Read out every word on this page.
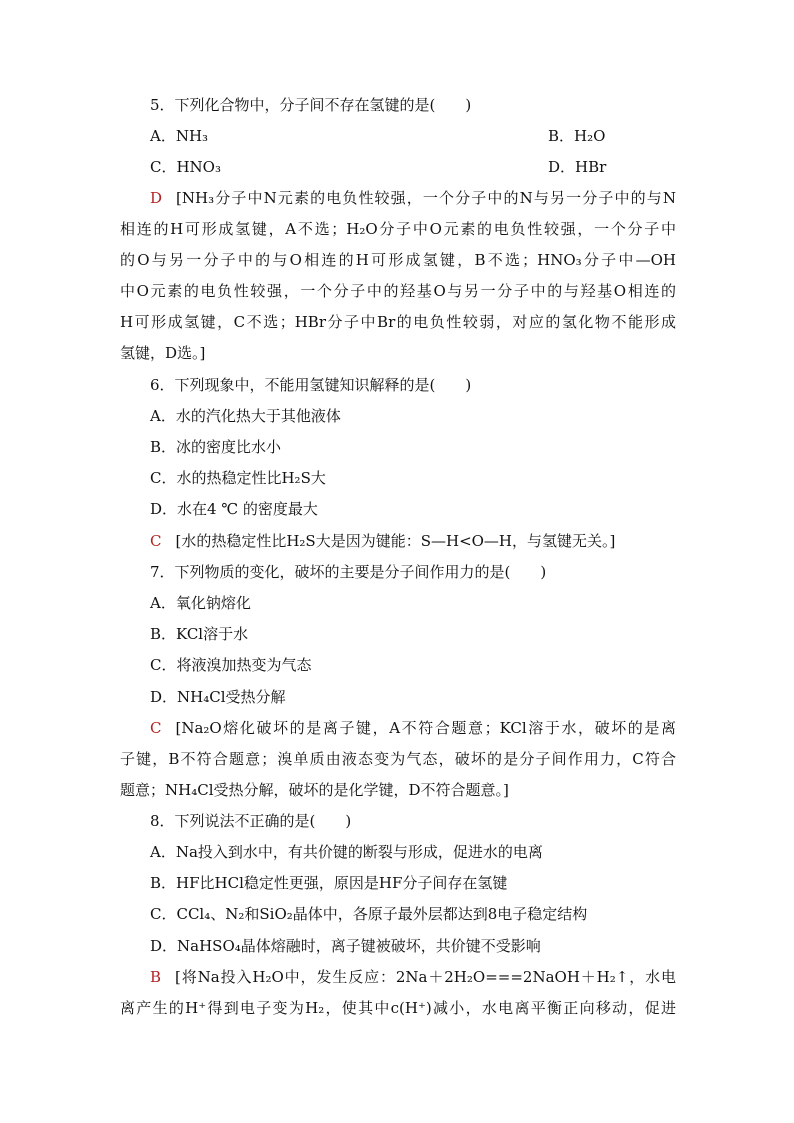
5．下列化合物中，分子间不存在氢键的是(　　)
A．NH₃	B．H₂O
C．HNO₃	D．HBr
D [NH₃分子中N元素的电负性较强，一个分子中的N与另一分子中的与N
相连的H可形成氢键，A不选；H₂O分子中O元素的电负性较强，一个分子中
的O与另一分子中的与O相连的H可形成氢键，B不选；HNO₃分子中—OH
中O元素的电负性较强，一个分子中的羟基O与另一分子中的与羟基O相连的
H可形成氢键，C不选；HBr分子中Br的电负性较弱，对应的氢化物不能形成
氢键，D选。]
6．下列现象中，不能用氢键知识解释的是(　　)
A．水的汽化热大于其他液体
B．冰的密度比水小
C．水的热稳定性比H₂S大
D．水在4 ℃ 的密度最大
C [水的热稳定性比H₂S大是因为键能：S—H<O—H，与氢键无关。]
7．下列物质的变化，破坏的主要是分子间作用力的是(　　)
A．氧化钠熔化
B．KCl溶于水
C．将液溴加热变为气态
D．NH₄Cl受热分解
C [Na₂O熔化破坏的是离子键，A不符合题意；KCl溶于水，破坏的是离
子键，B不符合题意；溴单质由液态变为气态，破坏的是分子间作用力，C符合
题意；NH₄Cl受热分解，破坏的是化学键，D不符合题意。]
8．下列说法不正确的是(　　)
A．Na投入到水中，有共价键的断裂与形成，促进水的电离
B．HF比HCl稳定性更强，原因是HF分子间存在氢键
C．CCl₄、N₂和SiO₂晶体中，各原子最外层都达到8电子稳定结构
D．NaHSO₄晶体熔融时，离子键被破坏，共价键不受影响
B [将Na投入H₂O中，发生反应：2Na＋2H₂O===2NaOH＋H₂↑，水电
离产生的H⁺得到电子变为H₂，使其中c(H⁺)减小，水电离平衡正向移动，促进
